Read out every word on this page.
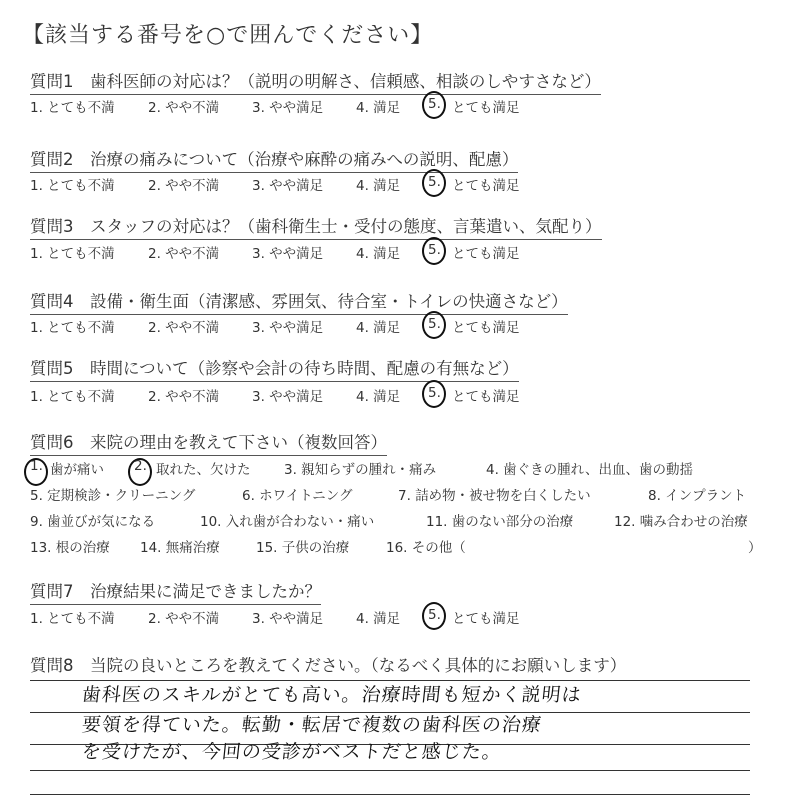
【該当する番号を○で囲んでください】
質問1　歯科医師の対応は？（説明の明解さ、信頼感、相談のしやすさなど）
1. とても不満 2. やや不満 3. やや満足 4. 満足 5. とても満足
質問2　治療の痛みについて（治療や麻酔の痛みへの説明、配慮）
1. とても不満 2. やや不満 3. やや満足 4. 満足 5. とても満足
質問3　スタッフの対応は？（歯科衛生士・受付の態度、言葉遣い、気配り）
1. とても不満 2. やや不満 3. やや満足 4. 満足 5. とても満足
質問4　設備・衛生面（清潔感、雰囲気、待合室・トイレの快適さなど）
1. とても不満 2. やや不満 3. やや満足 4. 満足 5. とても満足
質問5　時間について（診察や会計の待ち時間、配慮の有無など）
1. とても不満 2. やや不満 3. やや満足 4. 満足 5. とても満足
質問6　来院の理由を教えて下さい（複数回答）
1. 歯が痛い 2. 取れた、欠けた 3. 親知らずの腫れ・痛み	4. 歯ぐきの腫れ、出血、歯の動揺
5. 定期検診・クリーニング	6. ホワイトニング	7. 詰め物・被せ物を白くしたい	8. インプラント
9. 歯並びが気になる	10. 入れ歯が合わない・痛い	11. 歯のない部分の治療	12. 噛み合わせの治療
13. 根の治療 14. 無痛治療	15. 子供の治療	16. その他（	）
質問7　治療結果に満足できましたか？
1. とても不満 2. やや不満 3. やや満足 4. 満足 5. とても満足
質問8　当院の良いところを教えてください。（なるべく具体的にお願いします）
歯科医のスキルがとても高い。治療時間も短かく説明は
要領を得ていた。転勤・転居で複数の歯科医の治療
を受けたが、今回の受診がベストだと感じた。
